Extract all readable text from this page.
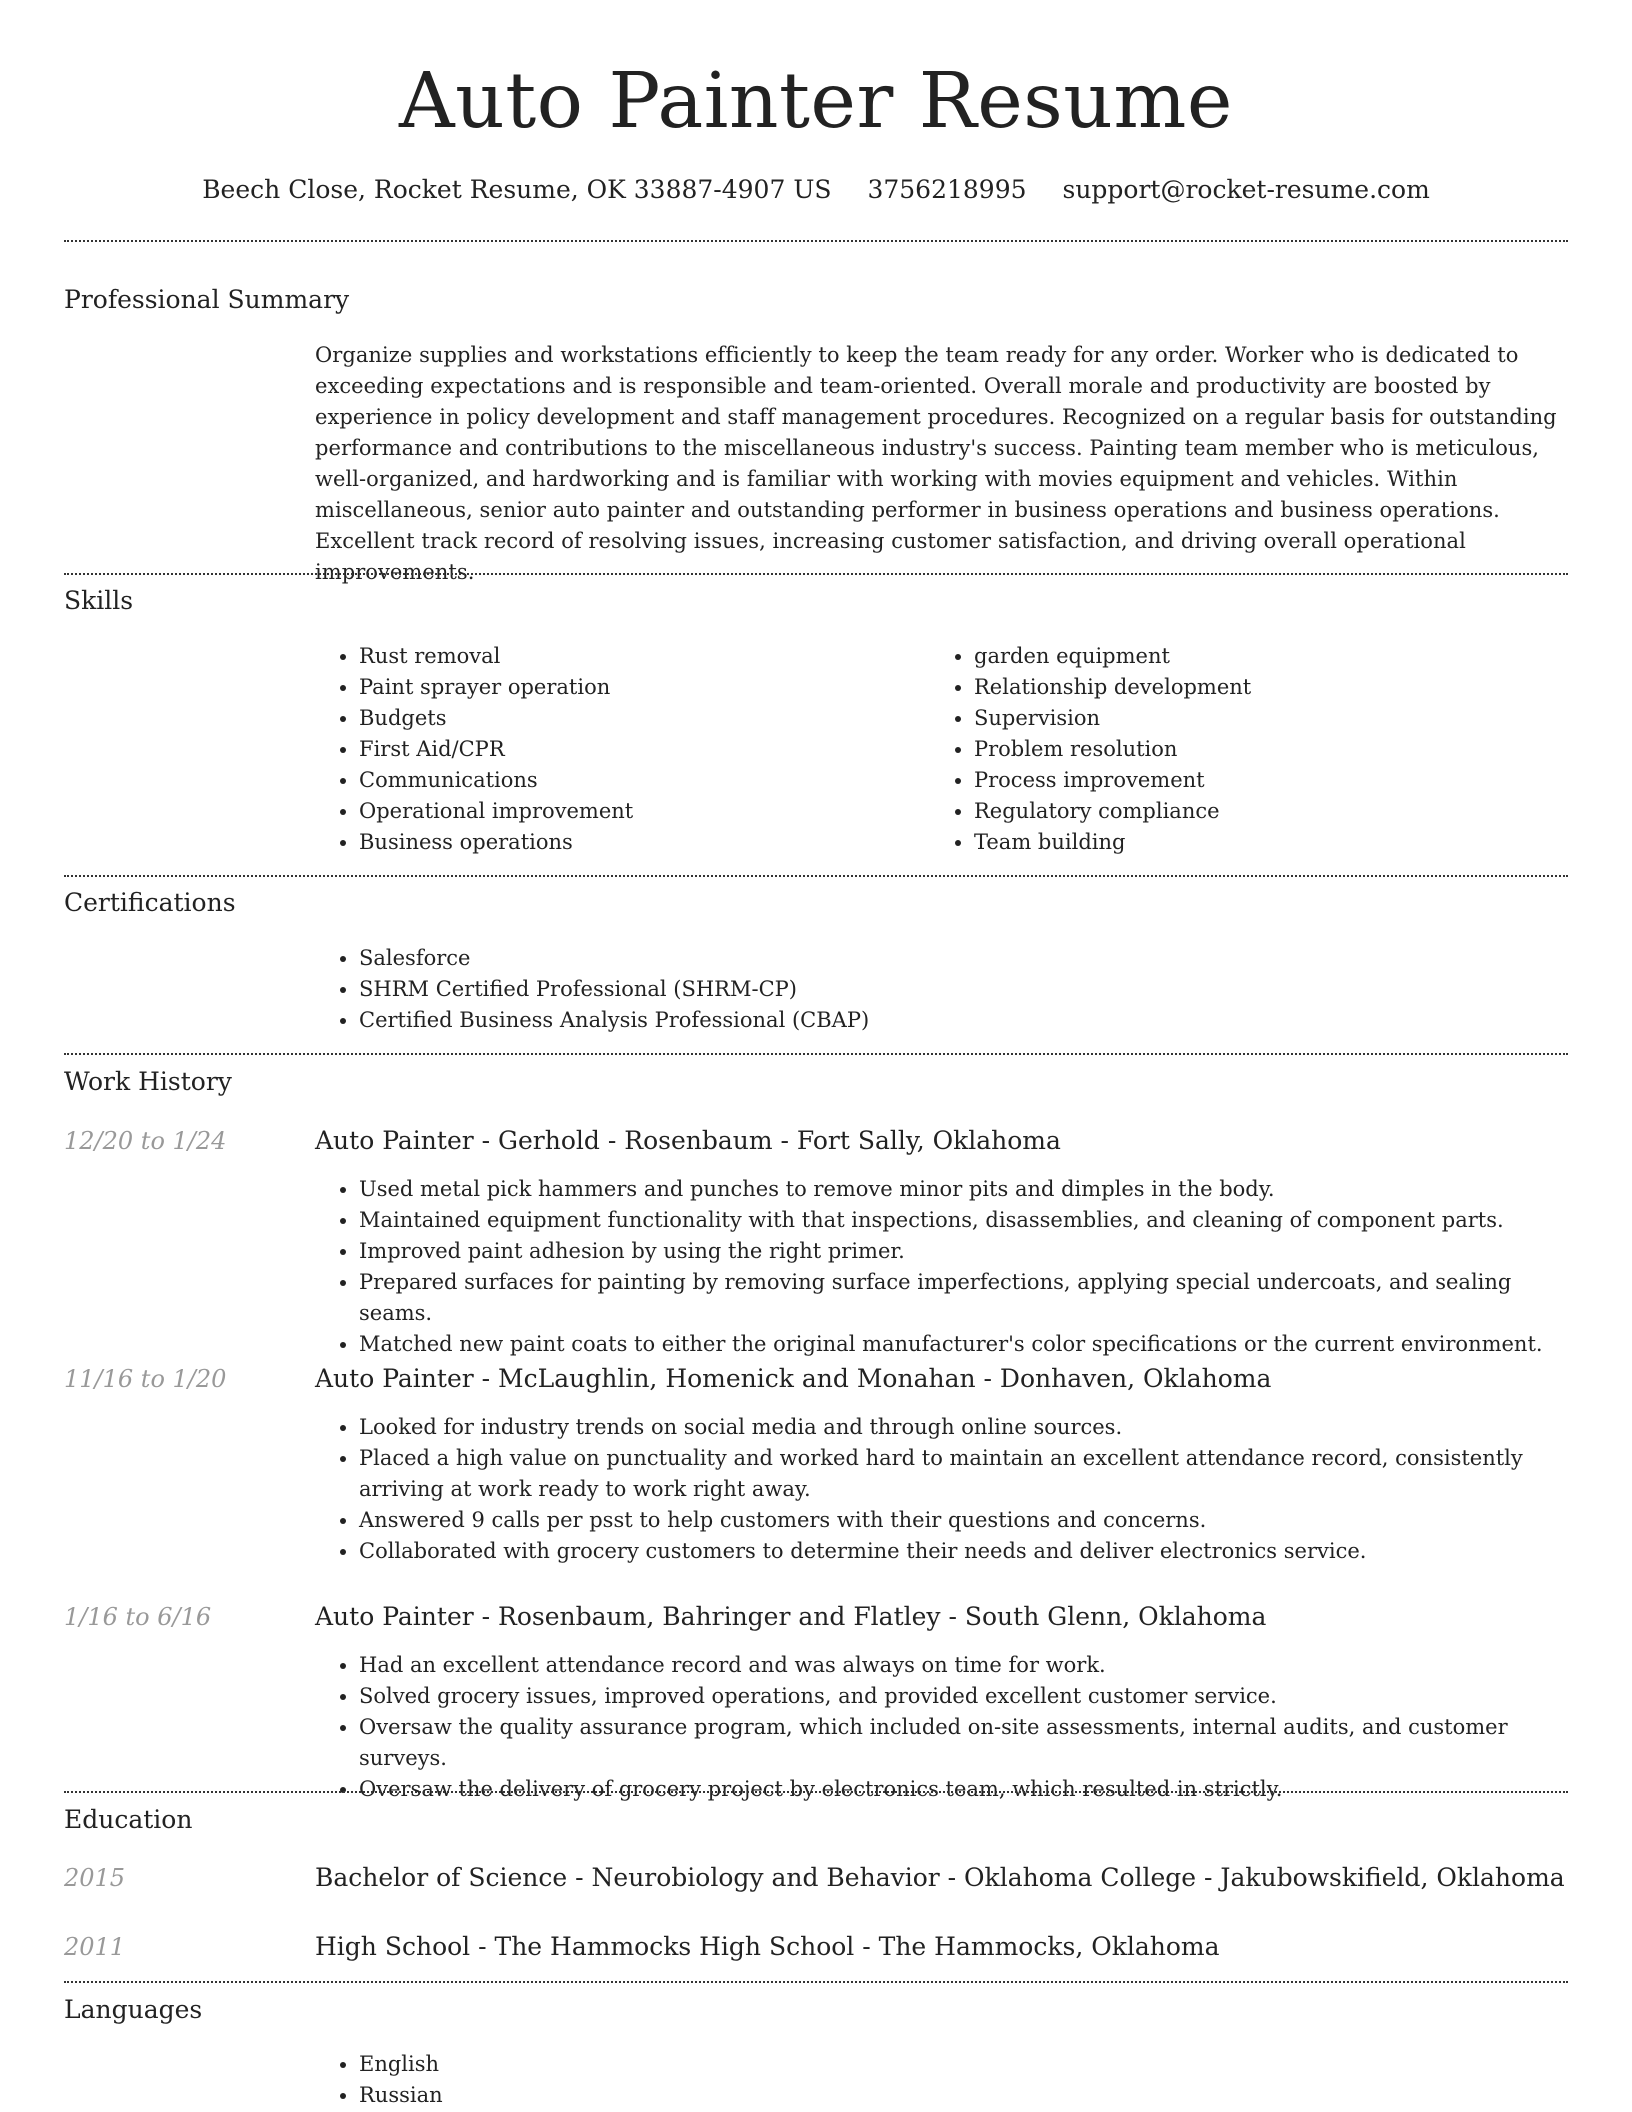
Auto Painter Resume
Beech Close, Rocket Resume, OK 33887-4907 US 3756218995 support@rocket-resume.com
Professional Summary

Organize supplies and workstations efficiently to keep the team ready for any order. Worker who is dedicated to exceeding expectations and is responsible and team-oriented. Overall morale and productivity are boosted by experience in policy development and staff management procedures. Recognized on a regular basis for outstanding performance and contributions to the miscellaneous industry's success. Painting team member who is meticulous, well-organized, and hardworking and is familiar with working with movies equipment and vehicles. Within miscellaneous, senior auto painter and outstanding performer in business operations and business operations. Excellent track record of resolving issues, increasing customer satisfaction, and driving overall operational improvements.

Skills
• Rust removal
• Paint sprayer operation
• Budgets
• First Aid/CPR
• Communications
• Operational improvement
• Business operations
• garden equipment
• Relationship development
• Supervision
• Problem resolution
• Process improvement
• Regulatory compliance
• Team building
Certifications
• Salesforce
• SHRM Certified Professional (SHRM-CP)
• Certified Business Analysis Professional (CBAP)
Work History
12/20 to 1/24	Auto Painter - Gerhold - Rosenbaum - Fort Sally, Oklahoma
• Used metal pick hammers and punches to remove minor pits and dimples in the body.
• Maintained equipment functionality with that inspections, disassemblies, and cleaning of component parts.
• Improved paint adhesion by using the right primer.
• Prepared surfaces for painting by removing surface imperfections, applying special undercoats, and sealing seams.
• Matched new paint coats to either the original manufacturer's color specifications or the current environment.
11/16 to 1/20	Auto Painter - McLaughlin, Homenick and Monahan - Donhaven, Oklahoma
• Looked for industry trends on social media and through online sources.
• Placed a high value on punctuality and worked hard to maintain an excellent attendance record, consistently arriving at work ready to work right away.
• Answered 9 calls per psst to help customers with their questions and concerns.
• Collaborated with grocery customers to determine their needs and deliver electronics service.
1/16 to 6/16	Auto Painter - Rosenbaum, Bahringer and Flatley - South Glenn, Oklahoma
• Had an excellent attendance record and was always on time for work.
• Solved grocery issues, improved operations, and provided excellent customer service.
• Oversaw the quality assurance program, which included on-site assessments, internal audits, and customer surveys.
• Oversaw the delivery of grocery project by electronics team, which resulted in strictly.
Education
2015	Bachelor of Science - Neurobiology and Behavior - Oklahoma College - Jakubowskifield, Oklahoma
2011	High School - The Hammocks High School - The Hammocks, Oklahoma
Languages
• English
• Russian
